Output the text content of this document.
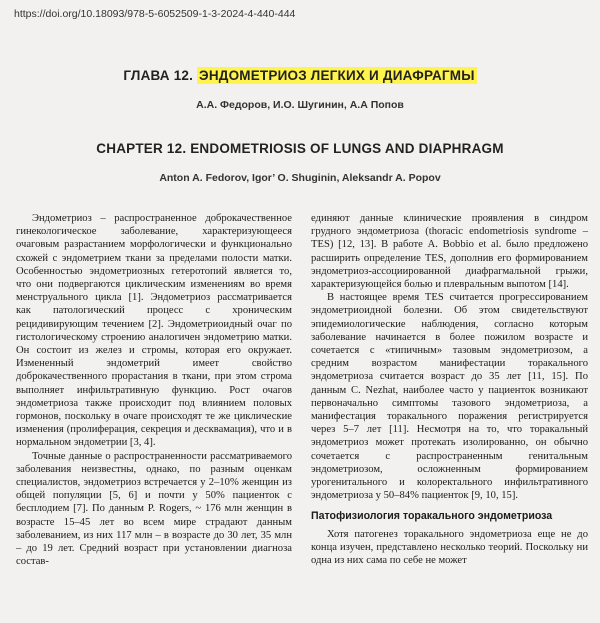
https://doi.org/10.18093/978-5-6052509-1-3-2024-4-440-444
ГЛАВА 12. ЭНДОМЕТРИОЗ ЛЕГКИХ И ДИАФРАГМЫ
А.А. Федоров, И.О. Шугинин, А.А Попов
CHAPTER 12. ENDOMETRIOSIS OF LUNGS AND DIAPHRAGM
Anton A. Fedorov, Igor’ O. Shuginin, Aleksandr A. Popov

Эндометриоз – распространенное доброкачественное гинекологическое заболевание, характеризующееся очаговым разрастанием морфологически и функционально схожей с эндометрием ткани за пределами полости матки. Особенностью эндометриозных гетеротопий является то, что они подвергаются циклическим изменениям во время менструального цикла [1]. Эндометриоз рассматривается как патологический процесс с хроническим рецидивирующим течением [2]. Эндометриоидный очаг по гистологическому строению аналогичен эндометрию матки. Он состоит из желез и стромы, которая его окружает. Измененный эндометрий имеет свойство доброкачественного прорастания в ткани, при этом строма выполняет инфильтративную функцию. Рост очагов эндометриоза также происходит под влиянием половых гормонов, поскольку в очаге происходят те же циклические изменения (пролиферация, секреция и десквамация), что и в нормальном эндометрии [3, 4].

Точные данные о распространенности рассматриваемого заболевания неизвестны, однако, по разным оценкам специалистов, эндометриоз встречается у 2–10% женщин из общей популяции [5, 6] и почти у 50% пациенток с бесплодием [7]. По данным P. Rogers, ~ 176 млн женщин в возрасте 15–45 лет во всем мире страдают данным заболеванием, из них 117 млн – в возрасте до 30 лет, 35 млн – до 19 лет. Средний возраст при установлении диагноза состав-

единяют данные клинические проявления в синдром грудного эндометриоза (thoracic endometriosis syndrome – TES) [12, 13]. В работе A. Bobbio et al. было предложено расширить определение TES, дополнив его формированием эндометриоз-ассоциированной диафрагмальной грыжи, характеризующейся болью и плевральным выпотом [14].

В настоящее время TES считается прогрессированием эндометриоидной болезни. Об этом свидетельствуют эпидемиологические наблюдения, согласно которым заболевание начинается в более пожилом возрасте и сочетается с «типичным» тазовым эндометриозом, а средним возрастом манифестации торакального эндометриоза считается возраст до 35 лет [11, 15]. По данным C. Nezhat, наиболее часто у пациенток возникают первоначально симптомы тазового эндометриоза, а манифестация торакального поражения регистрируется через 5–7 лет [11]. Несмотря на то, что торакальный эндометриоз может протекать изолированно, он обычно сочетается с распространенным генитальным эндометриозом, осложненным формированием урогенитального и колоректального инфильтративного эндометриоза у 50–84% пациенток [9, 10, 15].

Патофизиология торакального эндометриоза

Хотя патогенез торакального эндометриоза еще не до конца изучен, представлено несколько теорий. Поскольку ни одна из них сама по себе не может
